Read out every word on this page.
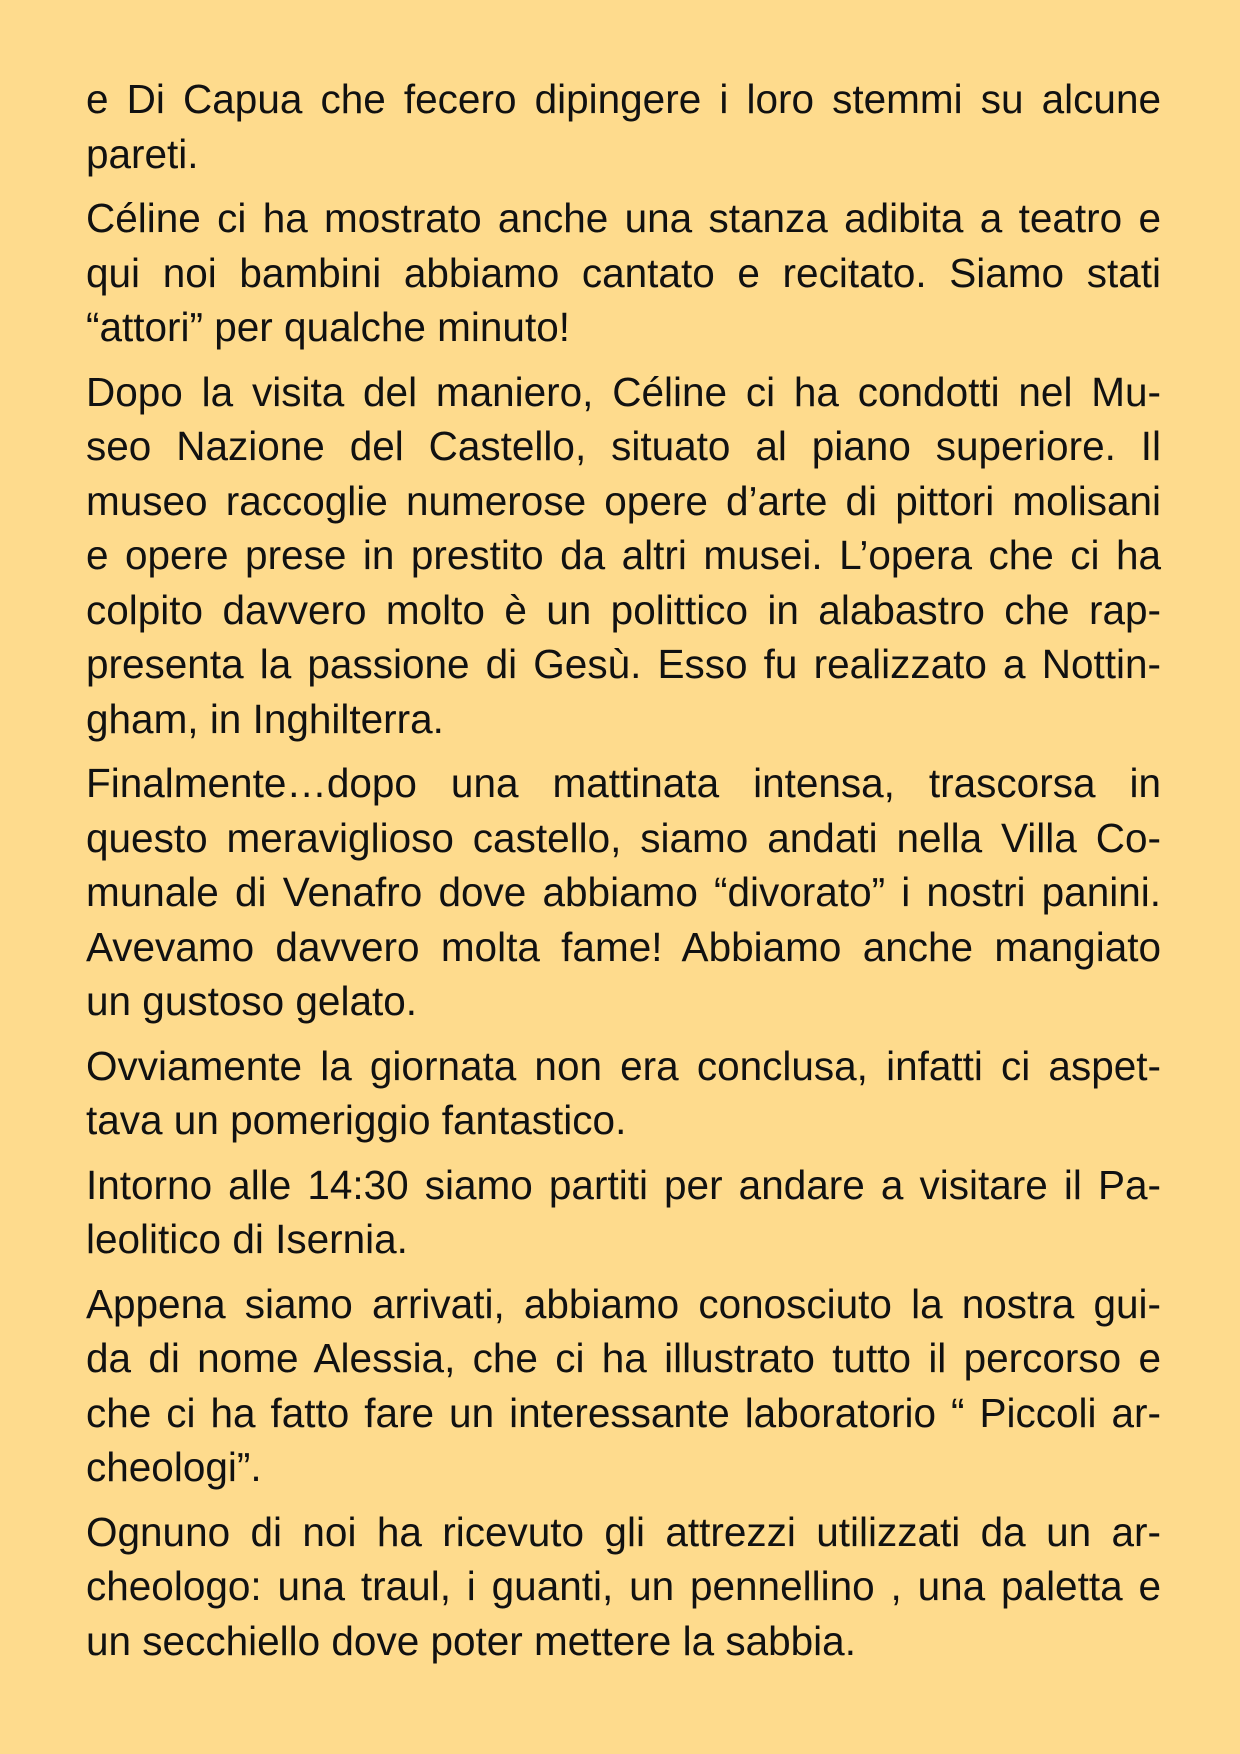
e Di Capua che fecero dipingere i loro stemmi su alcune
pareti.

Céline ci ha mostrato anche una stanza adibita a teatro e
qui noi bambini abbiamo cantato e recitato. Siamo stati
“attori” per qualche minuto!

Dopo la visita del maniero, Céline ci ha condotti nel Mu-
seo Nazione del Castello, situato al piano superiore. Il
museo raccoglie numerose opere d’arte di pittori molisani
e opere prese in prestito da altri musei. L’opera che ci ha
colpito davvero molto è un polittico in alabastro che rap-
presenta la passione di Gesù. Esso fu realizzato a Nottin-
gham, in Inghilterra.

Finalmente…dopo una mattinata intensa, trascorsa in
questo meraviglioso castello, siamo andati nella Villa Co-
munale di Venafro dove abbiamo “divorato” i nostri panini.
Avevamo davvero molta fame! Abbiamo anche mangiato
un gustoso gelato.

Ovviamente la giornata non era conclusa, infatti ci aspet-
tava un pomeriggio fantastico.

Intorno alle 14:30 siamo partiti per andare a visitare il Pa-
leolitico di Isernia.

Appena siamo arrivati, abbiamo conosciuto la nostra gui-
da di nome Alessia, che ci ha illustrato tutto il percorso e
che ci ha fatto fare un interessante laboratorio “ Piccoli ar-
cheologi”.

Ognuno di noi ha ricevuto gli attrezzi utilizzati da un ar-
cheologo: una traul, i guanti, un pennellino , una paletta e
un secchiello dove poter mettere la sabbia.
